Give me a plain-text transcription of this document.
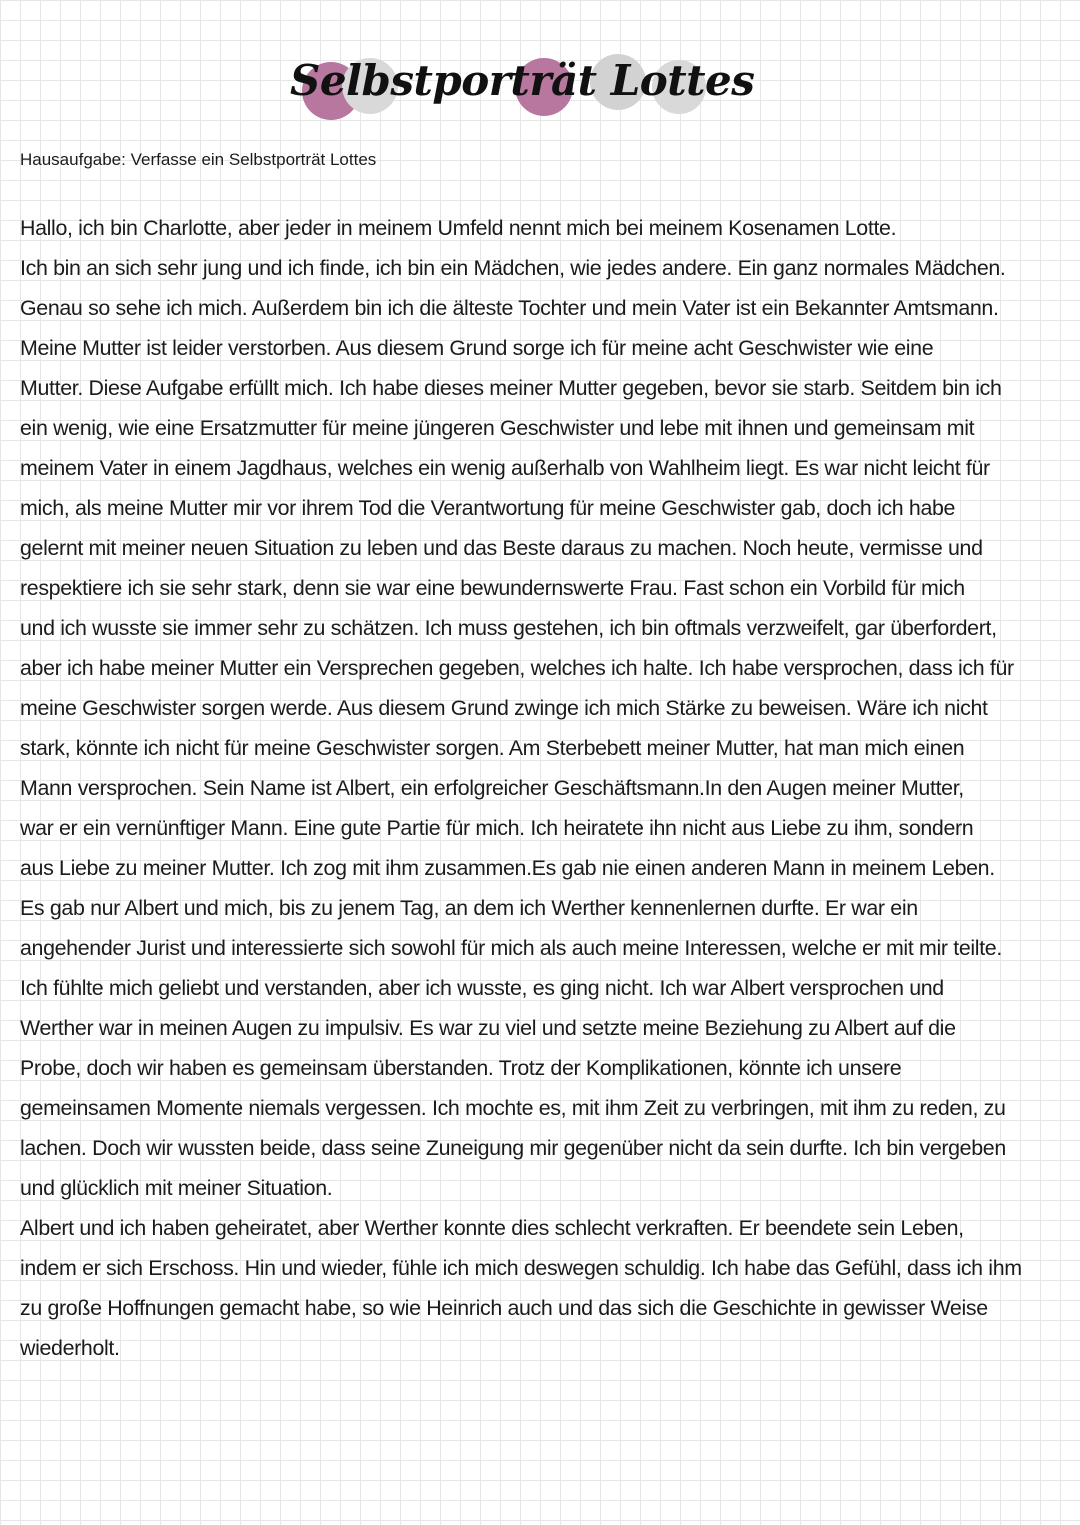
Selbstporträt Lottes
Hausaufgabe: Verfasse ein Selbstporträt Lottes
Hallo, ich bin Charlotte, aber jeder in meinem Umfeld nennt mich bei meinem Kosenamen Lotte.
Ich bin an sich sehr jung und ich finde, ich bin ein Mädchen, wie jedes andere. Ein ganz normales Mädchen.
Genau so sehe ich mich. Außerdem bin ich die älteste Tochter und mein Vater ist ein Bekannter Amtsmann.
Meine Mutter ist leider verstorben. Aus diesem Grund sorge ich für meine acht Geschwister wie eine
Mutter. Diese Aufgabe erfüllt mich. Ich habe dieses meiner Mutter gegeben, bevor sie starb. Seitdem bin ich
ein wenig, wie eine Ersatzmutter für meine jüngeren Geschwister und lebe mit ihnen und gemeinsam mit
meinem Vater in einem Jagdhaus, welches ein wenig außerhalb von Wahlheim liegt. Es war nicht leicht für
mich, als meine Mutter mir vor ihrem Tod die Verantwortung für meine Geschwister gab, doch ich habe
gelernt mit meiner neuen Situation zu leben und das Beste daraus zu machen. Noch heute, vermisse und
respektiere ich sie sehr stark, denn sie war eine bewundernswerte Frau. Fast schon ein Vorbild für mich
und ich wusste sie immer sehr zu schätzen. Ich muss gestehen, ich bin oftmals verzweifelt, gar überfordert,
aber ich habe meiner Mutter ein Versprechen gegeben, welches ich halte. Ich habe versprochen, dass ich für
meine Geschwister sorgen werde. Aus diesem Grund zwinge ich mich Stärke zu beweisen. Wäre ich nicht
stark, könnte ich nicht für meine Geschwister sorgen. Am Sterbebett meiner Mutter, hat man mich einen
Mann versprochen. Sein Name ist Albert, ein erfolgreicher Geschäftsmann.In den Augen meiner Mutter,
war er ein vernünftiger Mann. Eine gute Partie für mich. Ich heiratete ihn nicht aus Liebe zu ihm, sondern
aus Liebe zu meiner Mutter. Ich zog mit ihm zusammen.Es gab nie einen anderen Mann in meinem Leben.
Es gab nur Albert und mich, bis zu jenem Tag, an dem ich Werther kennenlernen durfte. Er war ein
angehender Jurist und interessierte sich sowohl für mich als auch meine Interessen, welche er mit mir teilte.
Ich fühlte mich geliebt und verstanden, aber ich wusste, es ging nicht. Ich war Albert versprochen und
Werther war in meinen Augen zu impulsiv. Es war zu viel und setzte meine Beziehung zu Albert auf die
Probe, doch wir haben es gemeinsam überstanden. Trotz der Komplikationen, könnte ich unsere
gemeinsamen Momente niemals vergessen. Ich mochte es, mit ihm Zeit zu verbringen, mit ihm zu reden, zu
lachen. Doch wir wussten beide, dass seine Zuneigung mir gegenüber nicht da sein durfte. Ich bin vergeben
und glücklich mit meiner Situation.
Albert und ich haben geheiratet, aber Werther konnte dies schlecht verkraften. Er beendete sein Leben,
indem er sich Erschoss. Hin und wieder, fühle ich mich deswegen schuldig. Ich habe das Gefühl, dass ich ihm
zu große Hoffnungen gemacht habe, so wie Heinrich auch und das sich die Geschichte in gewisser Weise
wiederholt.
